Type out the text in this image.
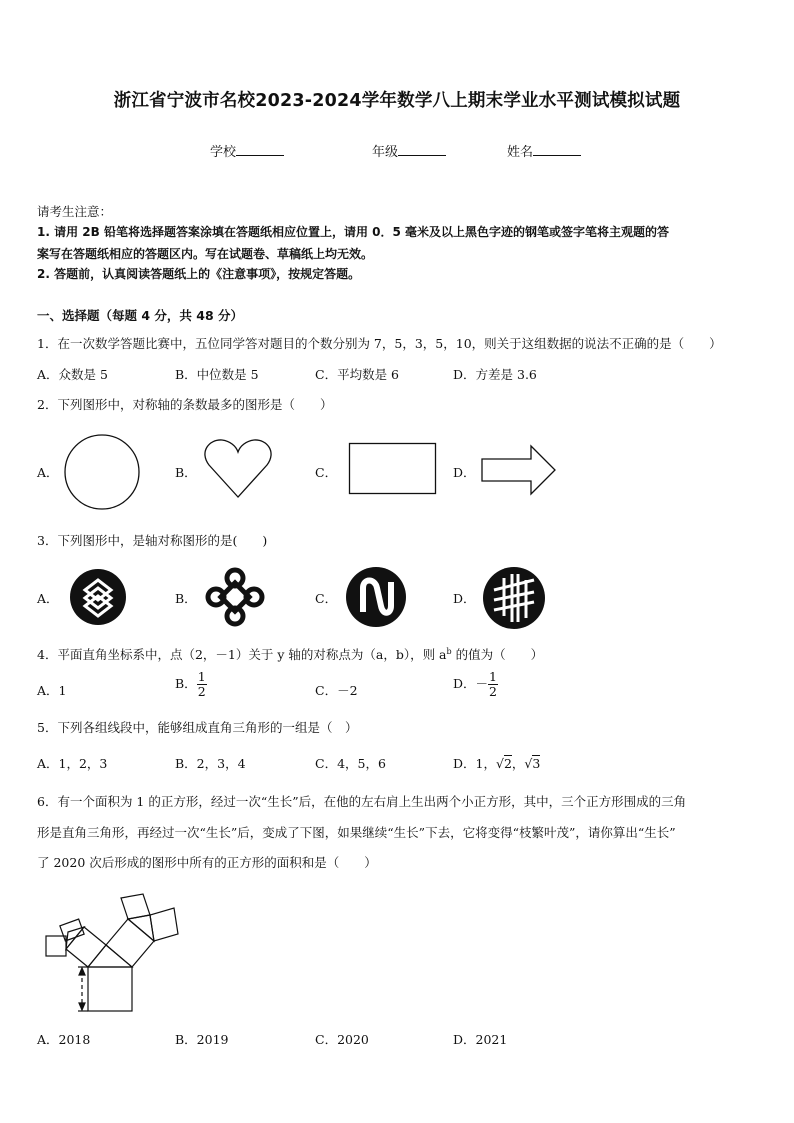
浙江省宁波市名校2023-2024学年数学八上期末学业水平测试模拟试题
学校	年级	姓名
请考生注意：
1. 请用 2B 铅笔将选择题答案涂填在答题纸相应位置上，请用 0．5 毫米及以上黑色字迹的钢笔或签字笔将主观题的答
案写在答题纸相应的答题区内。写在试题卷、草稿纸上均无效。
2. 答题前，认真阅读答题纸上的《注意事项》，按规定答题。
一、选择题（每题 4 分，共 48 分）
1．在一次数学答题比赛中，五位同学答对题目的个数分别为 7，5，3，5，10，则关于这组数据的说法不正确的是（　　）
A．众数是 5	B．中位数是 5	C．平均数是 6	D．方差是 3.6
2．下列图形中，对称轴的条数最多的图形是（　　）
A．	B．	C．	D．
3．下列图形中，是轴对称图形的是(　　)
A．	B．	C．	D．
4．平面直角坐标系中，点（2，－1）关于 y 轴的对称点为（a，b），则 $a^b$ 的值为（　　）
A．1	B． $\frac{1}{2}$	C．－2	D．－ $\frac{1}{2}$
5．下列各组线段中，能够组成直角三角形的一组是（　）
A．1，2，3	B．2，3，4	C．4，5，6	D．1，√2，√3
6．有一个面积为 1 的正方形，经过一次“生长”后，在他的左右肩上生出两个小正方形，其中，三个正方形围成的三角
形是直角三角形，再经过一次“生长”后，变成了下图，如果继续“生长”下去，它将变得“枝繁叶茂”，请你算出“生长”
了 2020 次后形成的图形中所有的正方形的面积和是（　　）
A．2018	B．2019	C．2020	D．2021
